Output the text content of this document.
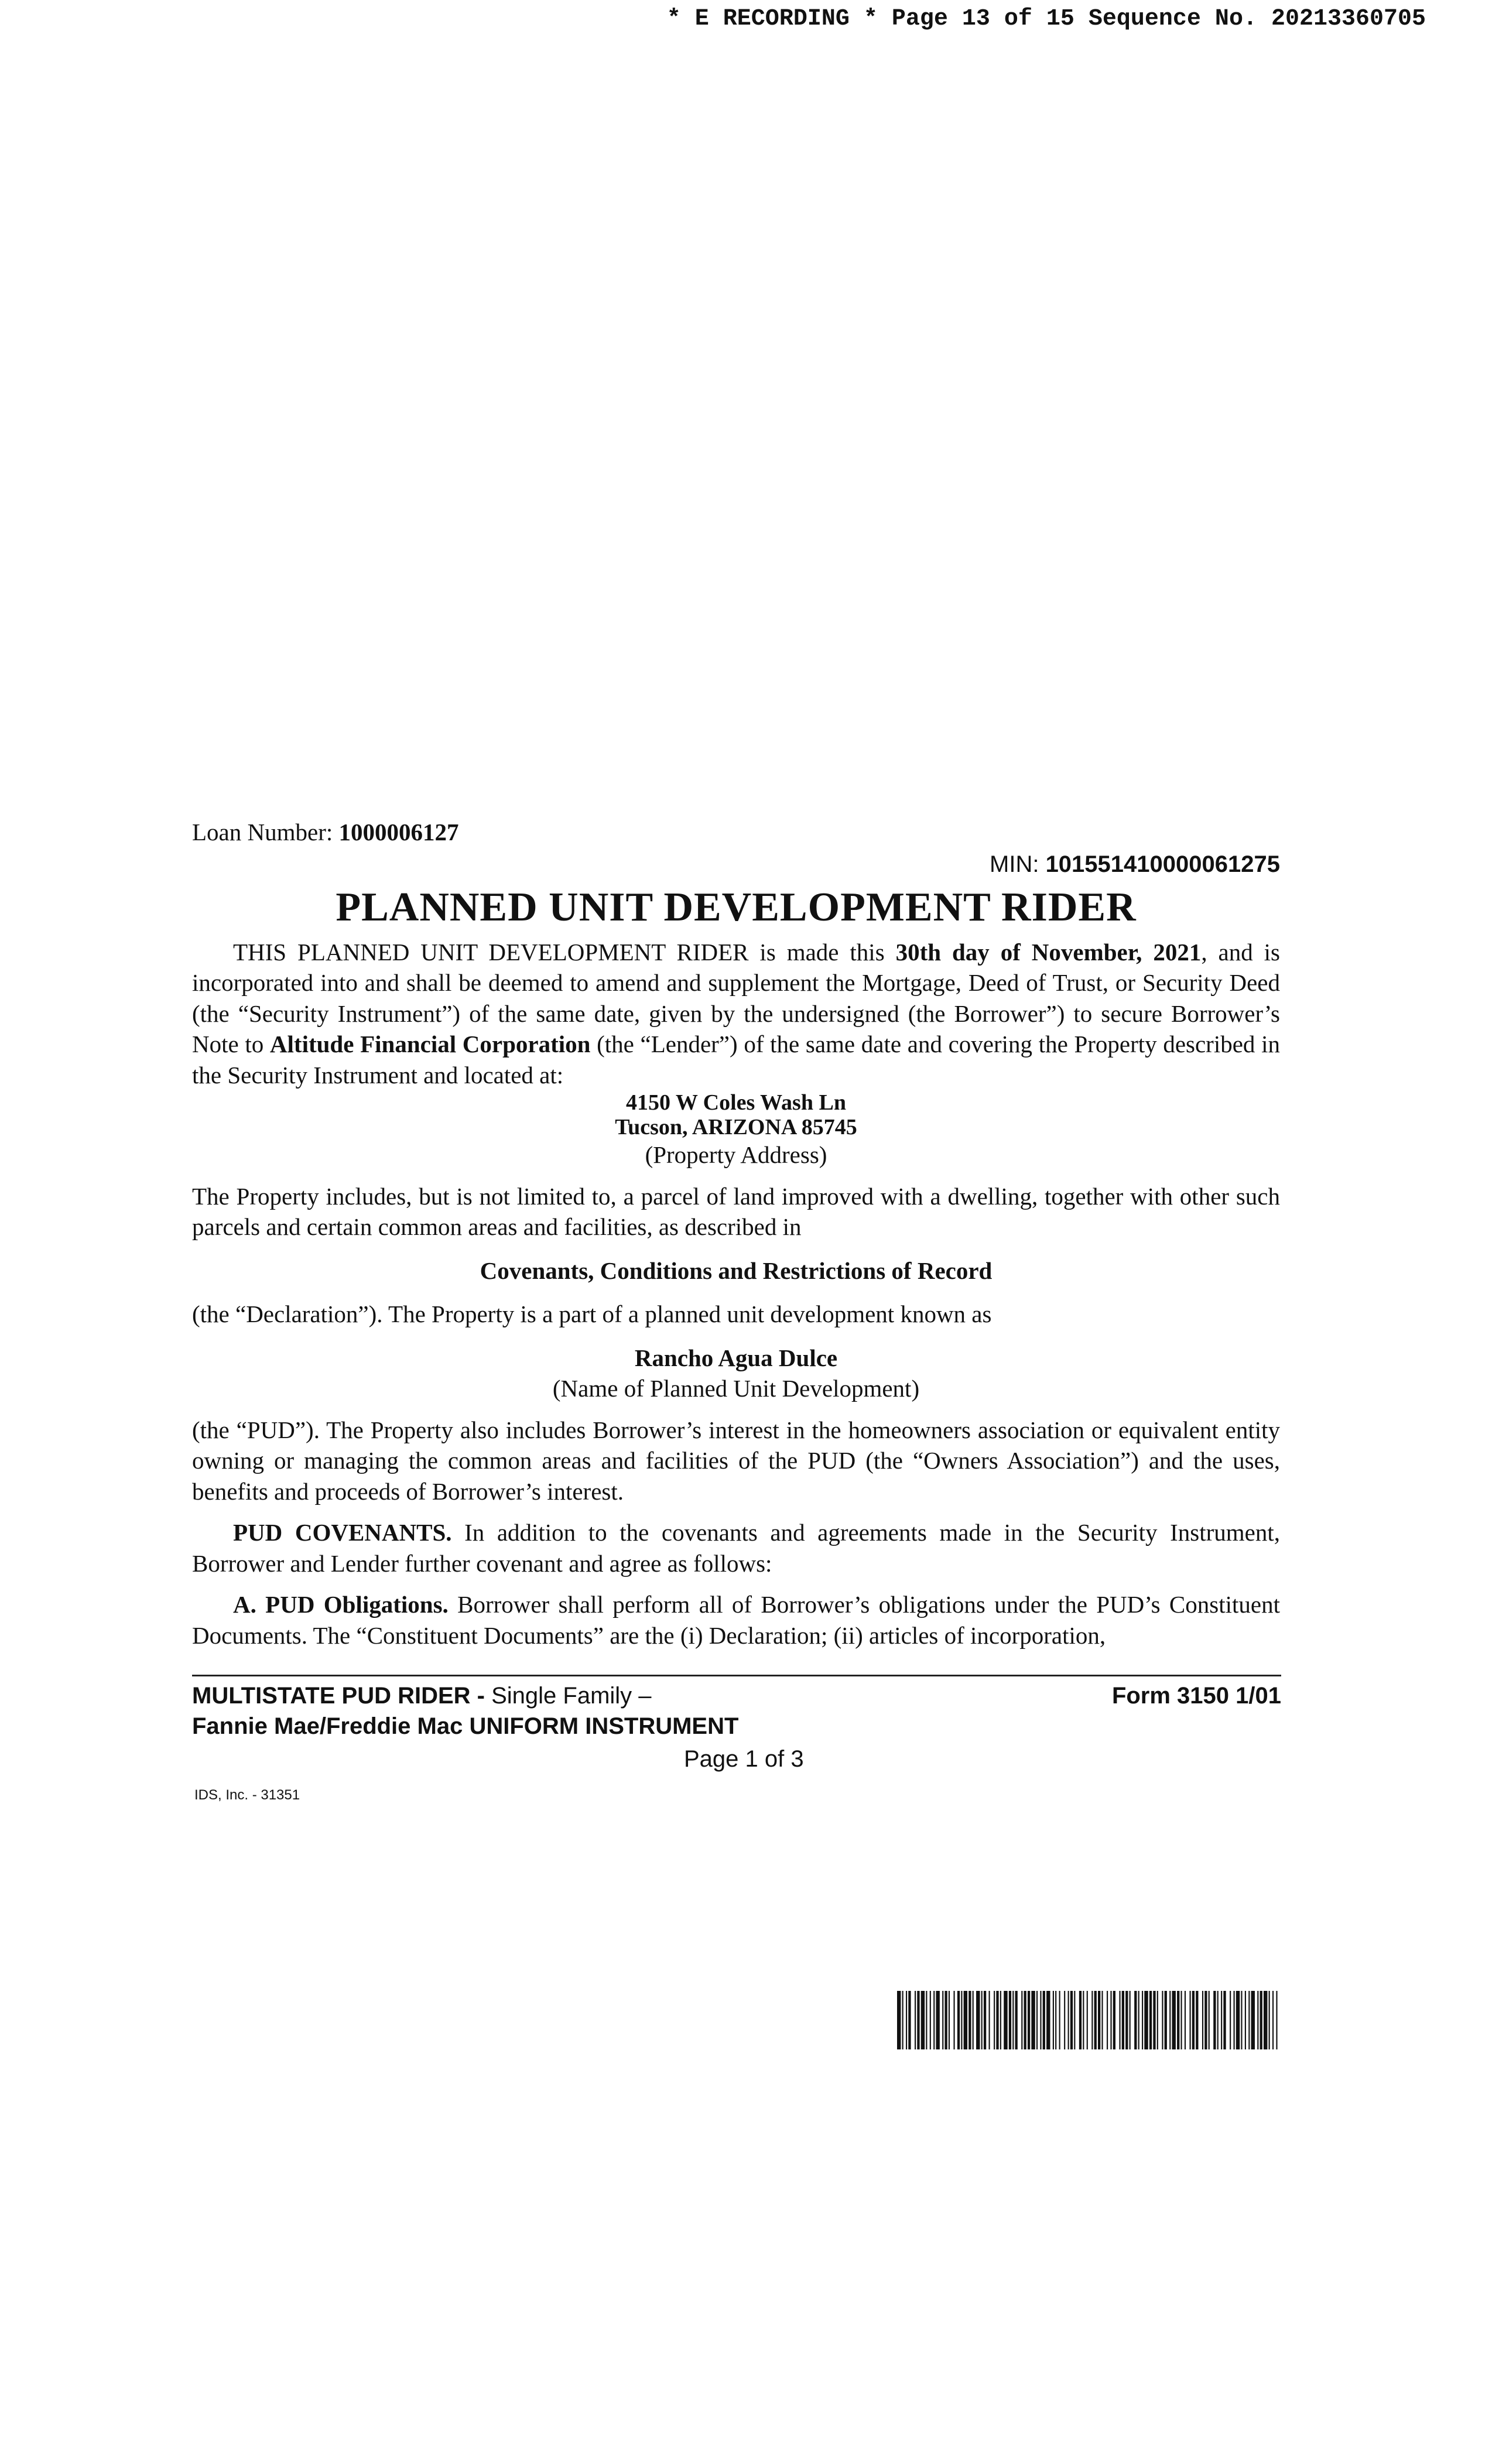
* E RECORDING * Page 13 of 15 Sequence No. 20213360705

Loan Number: 1000006127

MIN: 101551410000061275

PLANNED UNIT DEVELOPMENT RIDER

THIS PLANNED UNIT DEVELOPMENT RIDER is made this 30th day of November, 2021, and is incorporated into and shall be deemed to amend and supplement the Mortgage, Deed of Trust, or Security Deed (the “Security Instrument”) of the same date, given by the undersigned (the Borrower”) to secure Borrower’s Note to Altitude Financial Corporation (the “Lender”) of the same date and covering the Property described in the Security Instrument and located at:

4150 W Coles Wash Ln

Tucson, ARIZONA 85745

(Property Address)

The Property includes, but is not limited to, a parcel of land improved with a dwelling, together with other such parcels and certain common areas and facilities, as described in

Covenants, Conditions and Restrictions of Record

(the “Declaration”). The Property is a part of a planned unit development known as

Rancho Agua Dulce

(Name of Planned Unit Development)

(the “PUD”). The Property also includes Borrower’s interest in the homeowners association or equivalent entity owning or managing the common areas and facilities of the PUD (the “Owners Association”) and the uses, benefits and proceeds of Borrower’s interest.

PUD COVENANTS. In addition to the covenants and agreements made in the Security Instrument, Borrower and Lender further covenant and agree as follows:

A. PUD Obligations. Borrower shall perform all of Borrower’s obligations under the PUD’s Constituent Documents. The “Constituent Documents” are the (i) Declaration; (ii) articles of incorporation,

MULTISTATE PUD RIDER - Single Family –
Fannie Mae/Freddie Mac UNIFORM INSTRUMENT
Form 3150 1/01
Page 1 of 3
IDS, Inc. - 31351
